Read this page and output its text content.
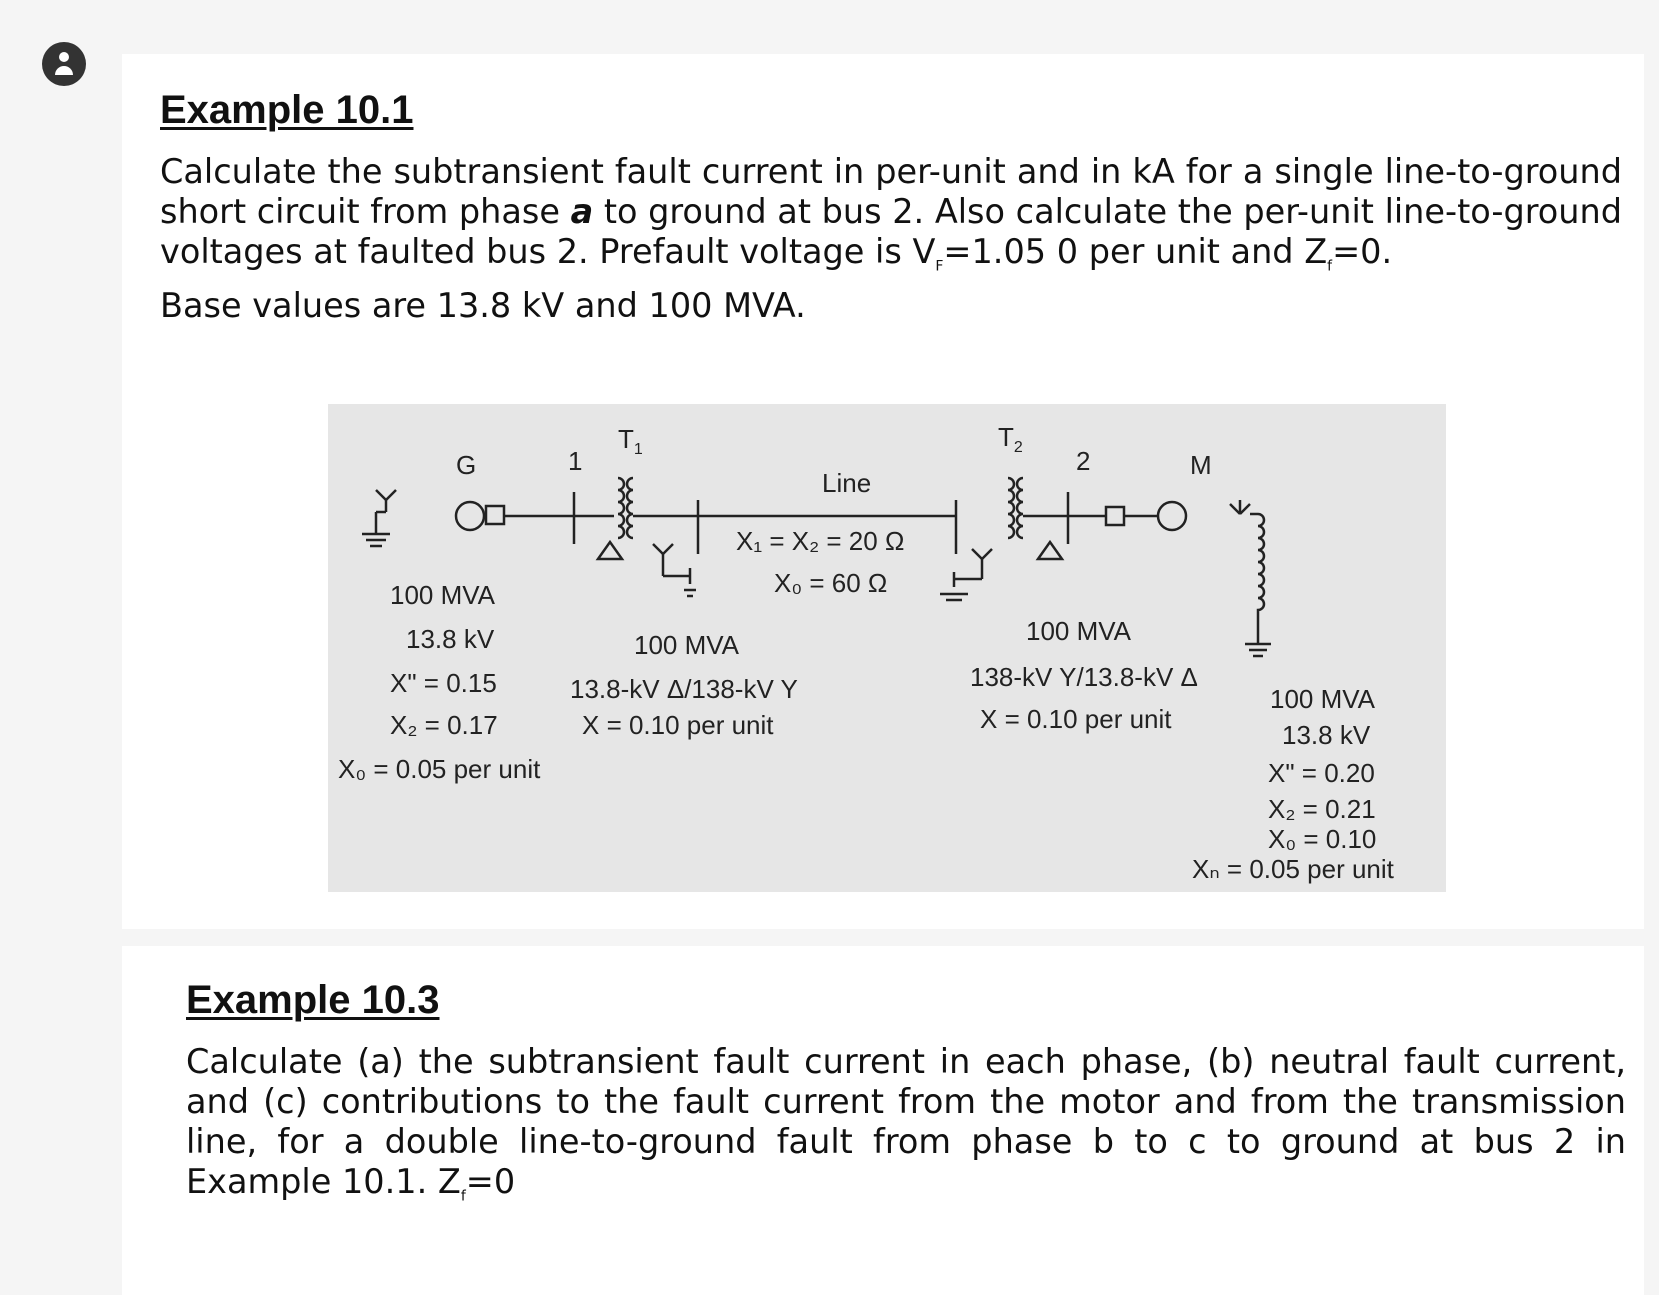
Example 10.1

Calculate the subtransient fault current in per-unit and in kA for a single line-to-ground short circuit from phase a to ground at bus 2. Also calculate the per-unit line-to-ground voltages at faulted bus 2. Prefault voltage is $V_F=1.05$ 0 per unit and $Z_f=0$.

Base values are 13.8 kV and 100 MVA.

G	1
$T_1$	$T_2$ 2	M
Line
X₁ = X₂ = 20 Ω
X₀ = 60 Ω
100 MVA
13.8 kV
X" = 0.15
X₂ = 0.17
X₀ = 0.05 per unit
100 MVA
13.8-kV Δ/138-kV Y
X = 0.10 per unit
100 MVA
138-kV Y/13.8-kV Δ
X = 0.10 per unit
100 MVA
13.8 kV
X" = 0.20
X₂ = 0.21
X₀ = 0.10
Xₙ = 0.05 per unit
Example 10.3

Calculate (a) the subtransient fault current in each phase, (b) neutral fault current, and (c) contributions to the fault current from the motor and from the transmission line, for a double line-to-ground fault from phase b to c to ground at bus 2 in Example 10.1. $Z_f=0$
